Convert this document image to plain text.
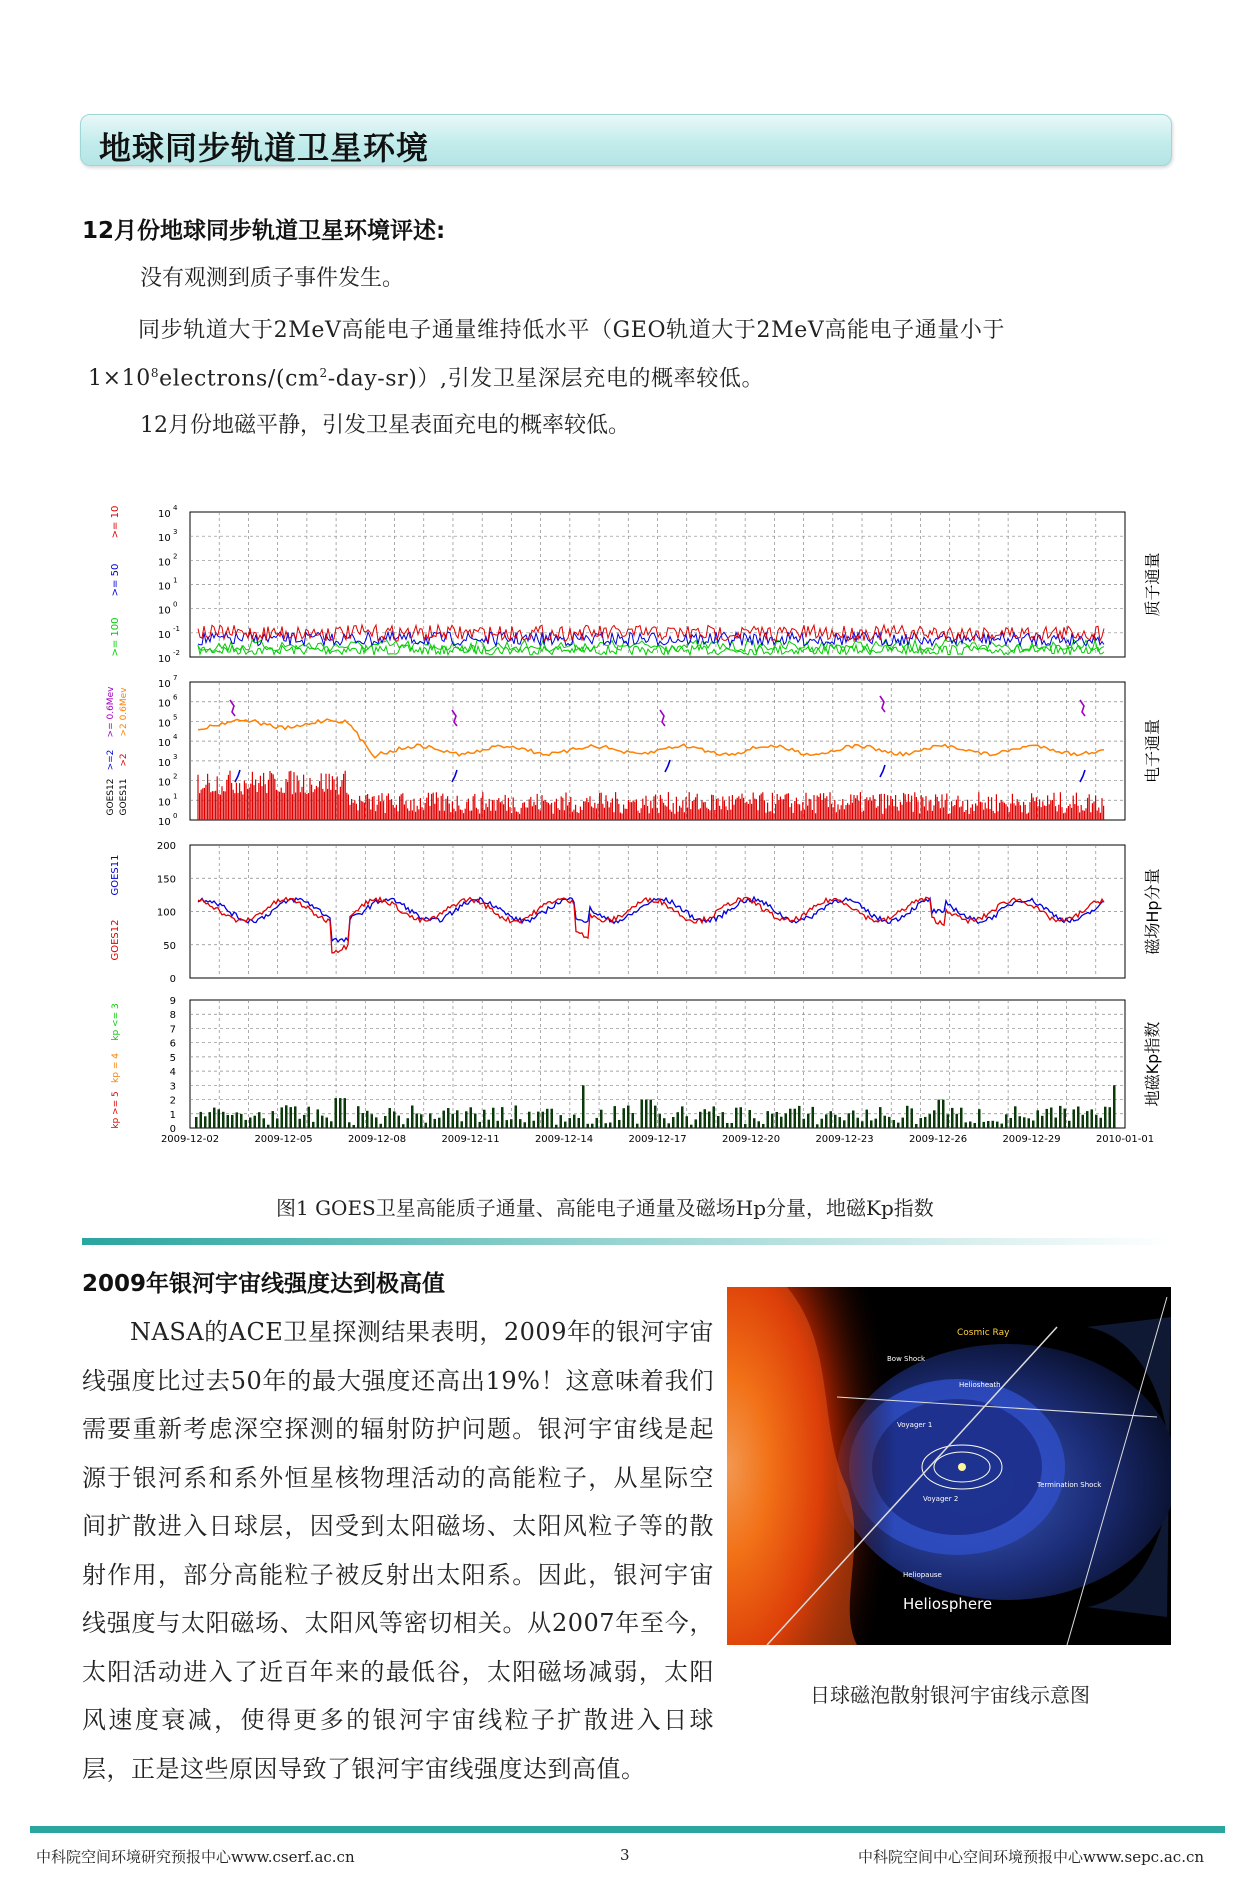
地球同步轨道卫星环境
12月份地球同步轨道卫星环境评述:
没有观测到质子事件发生。
同步轨道大于2MeV高能电子通量维持低水平（GEO轨道大于2MeV高能电子通量小于$1\times 10^8electrons/(cm^2-day-sr)$）,引发卫星深层充电的概率较低。
12月份地磁平静，引发卫星表面充电的概率较低。
10
4
10
3
10
2
10
1
10
0
10
-1
10
-2
10
7
10
6
10
5
10
4
10
3
10
2
10
1
10
0
200
150
100
50
0
9
8
7
6
5
4
3
2
1
0
2009-12-02	2009-12-05	2009-12-08	2009-12-11	2009-12-14	2009-12-17	2009-12-20	2009-12-23	2009-12-26	2009-12-29	2010-01-01
质子通量
电子通量
磁场Hp分量
地磁Kp指数
>= 10
>= 50
>= 100
>= 0.6Mev >2 0.6Mev
>=2 >2
GOES12 GOES11
GOES11
GOES12
kp >= 5
kp = 4
kp <= 3
图1 GOES卫星高能质子通量、高能电子通量及磁场Hp分量，地磁Kp指数
2009年银河宇宙线强度达到极高值
NASA的ACE卫星探测结果表明，2009年的银河宇宙线强度比过去50年的最大强度还高出19%！这意味着我们需要重新考虑深空探测的辐射防护问题。银河宇宙线是起源于银河系和系外恒星核物理活动的高能粒子，从星际空间扩散进入日球层，因受到太阳磁场、太阳风粒子等的散射作用，部分高能粒子被反射出太阳系。因此，银河宇宙线强度与太阳磁场、太阳风等密切相关。从2007年至今，太阳活动进入了近百年来的最低谷，太阳磁场减弱，太阳风速度衰减，使得更多的银河宇宙线粒子扩散进入日球层，正是这些原因导致了银河宇宙线强度达到高值。
Cosmic Ray
Bow Shock
Heliosheath
Voyager 1
Termination Shock
Voyager 2
Heliopause
Heliosphere
日球磁泡散射银河宇宙线示意图
中科院空间环境研究预报中心www.cserf.ac.cn	3	中科院空间中心空间环境预报中心www.sepc.ac.cn
